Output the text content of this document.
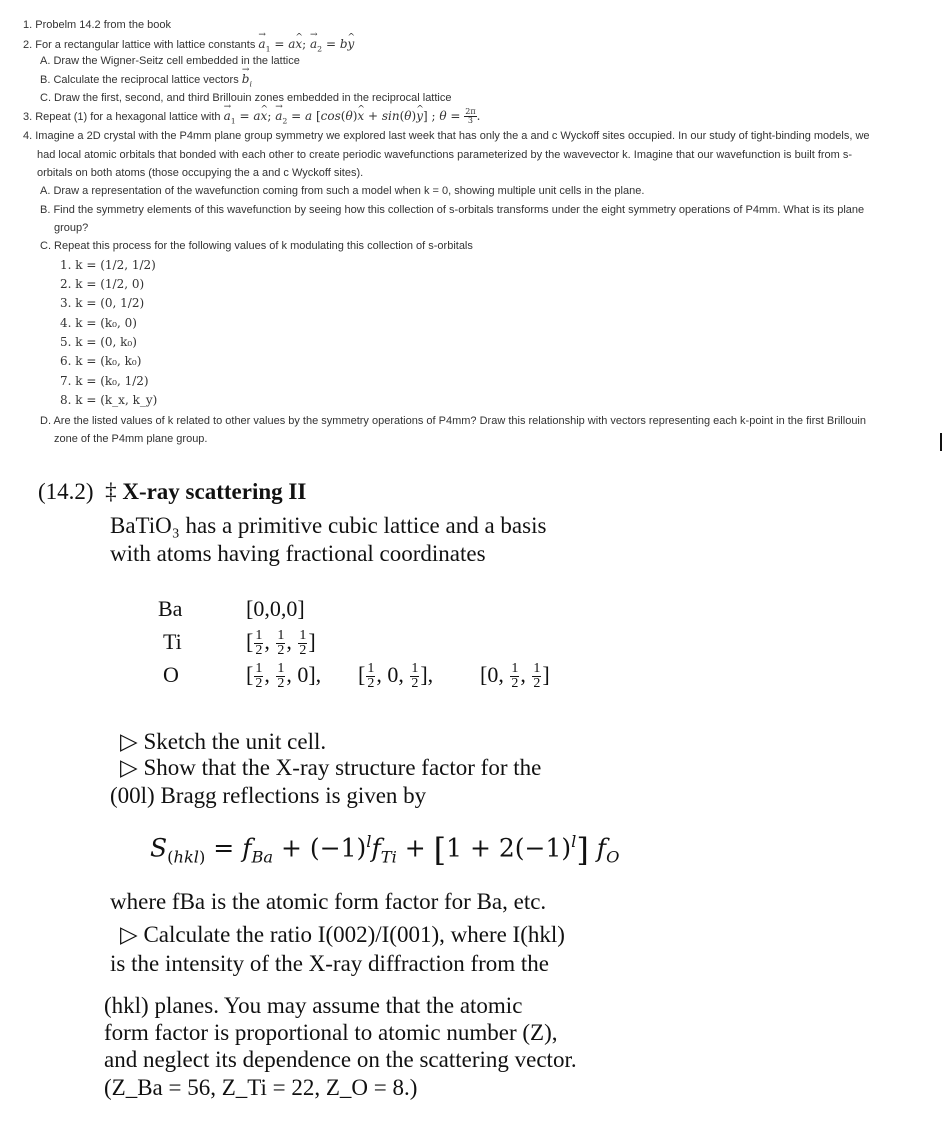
1. Probelm 14.2 from the book
2. For a rectangular lattice with lattice constants → $a_1$ = a^ x; → $a_2$ = b^ y
A. Draw the Wigner-Seitz cell embedded in the lattice
B. Calculate the reciprocal lattice vectors → $b_i$
C. Draw the first, second, and third Brillouin zones embedded in the reciprocal lattice
3. Repeat (1) for a hexagonal lattice with → $a_1$ = a^ x; → $a_2 = a$ [cos(θ)^ x + sin(θ)^ y] ; $\theta = \frac{2\pi}{3}$ .
4. Imagine a 2D crystal with the P4mm plane group symmetry we explored last week that has only the a and c Wyckoff sites occupied. In our study of tight-binding models, we
had local atomic orbitals that bonded with each other to create periodic wavefunctions parameterized by the wavevector k. Imagine that our wavefunction is built from s-
orbitals on both atoms (those occupying the a and c Wyckoff sites).
A. Draw a representation of the wavefunction coming from such a model when k = 0, showing multiple unit cells in the plane.
B. Find the symmetry elements of this wavefunction by seeing how this collection of s-orbitals transforms under the eight symmetry operations of P4mm. What is its plane
group?
C. Repeat this process for the following values of k modulating this collection of s-orbitals
1. k = (1/2, 1/2)
2. k = (1/2, 0)
3. k = (0, 1/2)
4. k = (k₀, 0)
5. k = (0, k₀)
6. k = (k₀, k₀)
7. k = (k₀, 1/2)
8. k = (k_x, k_y)
D. Are the listed values of k related to other values by the symmetry operations of P4mm? Draw this relationship with vectors representing each k-point in the first Brillouin
zone of the P4mm plane group.
(14.2) ‡ X-ray scattering II
BaTiO₃ has a primitive cubic lattice and a basis
with atoms having fractional coordinates
Ba
Ti
O
[0,0,0]
[ $\frac{1}{2}$ , $\frac{1}{2}$ , $\frac{1}{2}$ ]
[ $\frac{1}{2}$ , $\frac{1}{2}$ , 0], [ $\frac{1}{2}$ , 0, $\frac{1}{2}$ ], [0, $\frac{1}{2}$ , $\frac{1}{2}$ ]
▷ Sketch the unit cell.
▷ Show that the X-ray structure factor for the
(00l) Bragg reflections is given by
$S_{(hkl)} = f_{Ba} + (-1)^lf_{Ti} + [1 + 2(-1)^l]$ $f_O$
where fBa is the atomic form factor for Ba, etc.
▷ Calculate the ratio I(002)/I(001), where I(hkl)
is the intensity of the X-ray diffraction from the
(hkl) planes. You may assume that the atomic
form factor is proportional to atomic number (Z),
and neglect its dependence on the scattering vector.
(Z_Ba = 56, Z_Ti = 22, Z_O = 8.)
